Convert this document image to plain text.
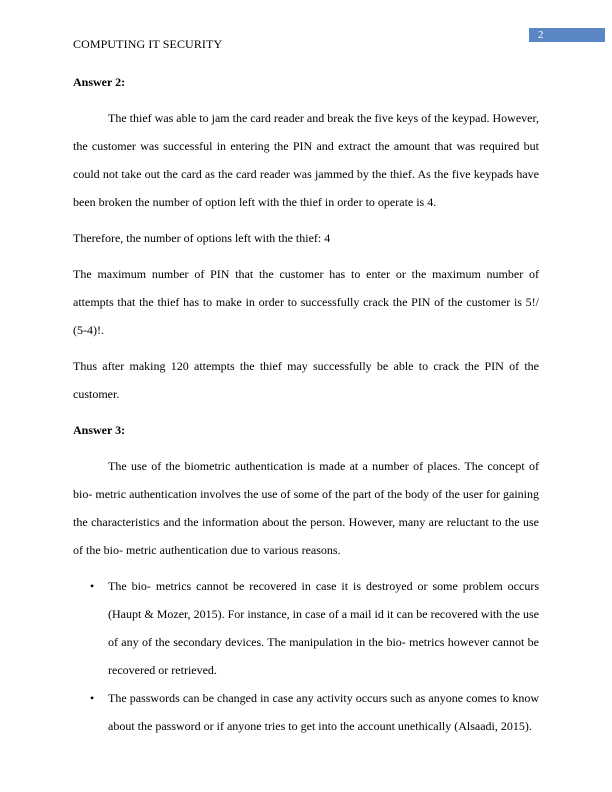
2
COMPUTING IT SECURITY
Answer 2:

The thief was able to jam the card reader and break the five keys of the keypad. However, the customer was successful in entering the PIN and extract the amount that was required but could not take out the card as the card reader was jammed by the thief. As the five keypads have been broken the number of option left with the thief in order to operate is 4.

Therefore, the number of options left with the thief: 4

The maximum number of PIN that the customer has to enter or the maximum number of attempts that the thief has to make in order to successfully crack the PIN of the customer is 5!/ (5-4)!.

Thus after making 120 attempts the thief may successfully be able to crack the PIN of the customer.

Answer 3:

The use of the biometric authentication is made at a number of places. The concept of bio- metric authentication involves the use of some of the part of the body of the user for gaining the characteristics and the information about the person. However, many are reluctant to the use of the bio- metric authentication due to various reasons.

• The bio- metrics cannot be recovered in case it is destroyed or some problem occurs (Haupt & Mozer, 2015). For instance, in case of a mail id it can be recovered with the use of any of the secondary devices. The manipulation in the bio- metrics however cannot be recovered or retrieved.
• The passwords can be changed in case any activity occurs such as anyone comes to know about the password or if anyone tries to get into the account unethically (Alsaadi, 2015).
